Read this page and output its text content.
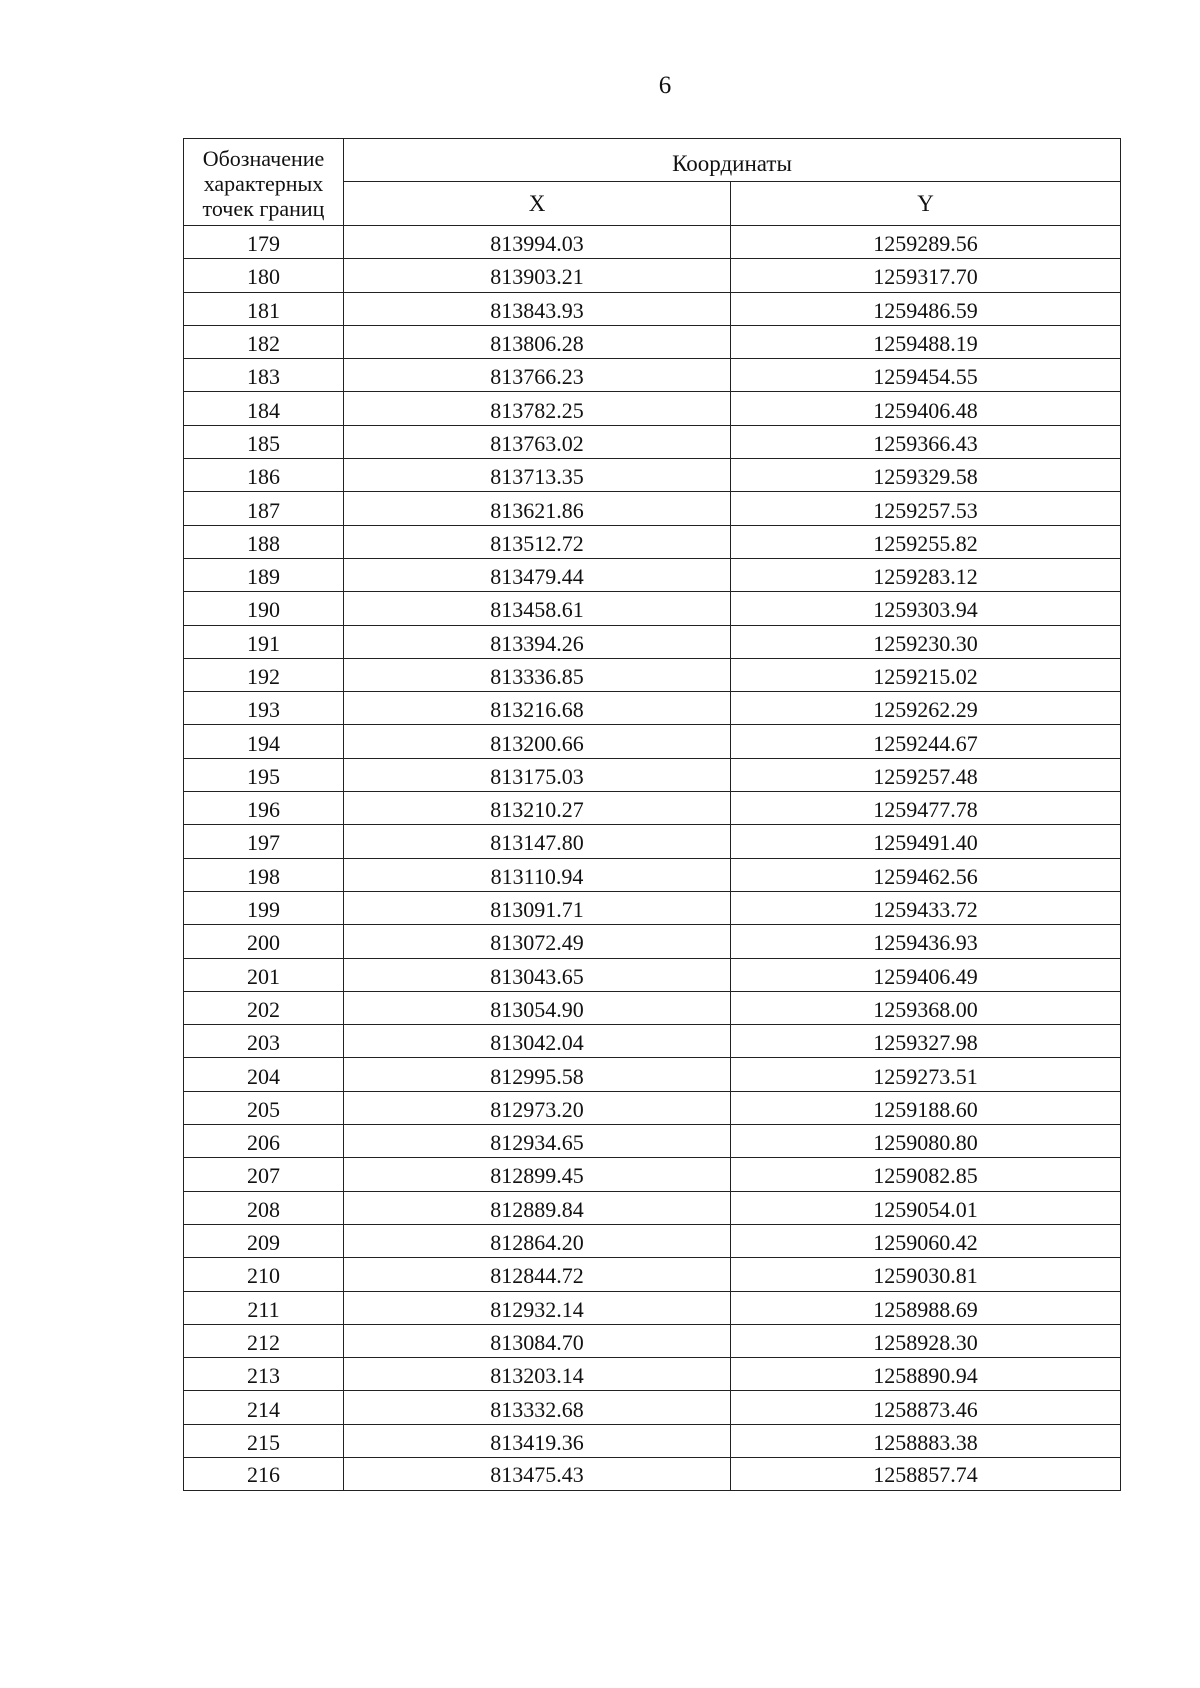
6
Обозначение характерных точек границ	Координаты	
	X	Y
179	813994.03	1259289.56
180	813903.21	1259317.70
181	813843.93	1259486.59
182	813806.28	1259488.19
183	813766.23	1259454.55
184	813782.25	1259406.48
185	813763.02	1259366.43
186	813713.35	1259329.58
187	813621.86	1259257.53
188	813512.72	1259255.82
189	813479.44	1259283.12
190	813458.61	1259303.94
191	813394.26	1259230.30
192	813336.85	1259215.02
193	813216.68	1259262.29
194	813200.66	1259244.67
195	813175.03	1259257.48
196	813210.27	1259477.78
197	813147.80	1259491.40
198	813110.94	1259462.56
199	813091.71	1259433.72
200	813072.49	1259436.93
201	813043.65	1259406.49
202	813054.90	1259368.00
203	813042.04	1259327.98
204	812995.58	1259273.51
205	812973.20	1259188.60
206	812934.65	1259080.80
207	812899.45	1259082.85
208	812889.84	1259054.01
209	812864.20	1259060.42
210	812844.72	1259030.81
211	812932.14	1258988.69
212	813084.70	1258928.30
213	813203.14	1258890.94
214	813332.68	1258873.46
215	813419.36	1258883.38
216	813475.43	1258857.74
